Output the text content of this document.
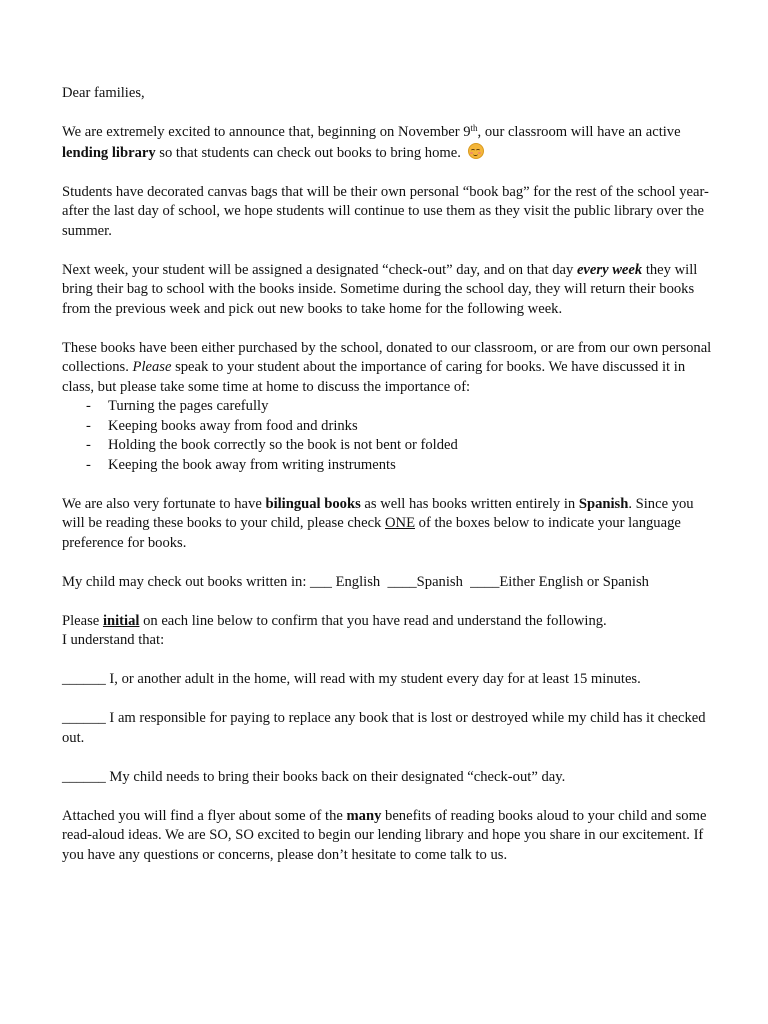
Dear families,

We are extremely excited to announce that, beginning on November 9th, our classroom will have an active lending library so that students can check out books to bring home.

Students have decorated canvas bags that will be their own personal “book bag” for the rest of the school year- after the last day of school, we hope students will continue to use them as they visit the public library over the summer.

Next week, your student will be assigned a designated “check-out” day, and on that day every week they will bring their bag to school with the books inside. Sometime during the school day, they will return their books from the previous week and pick out new books to take home for the following week.

These books have been either purchased by the school, donated to our classroom, or are from our own personal collections. Please speak to your student about the importance of caring for books. We have discussed it in class, but please take some time at home to discuss the importance of:

- Turning the pages carefully
- Keeping books away from food and drinks
- Holding the book correctly so the book is not bent or folded
- Keeping the book away from writing instruments

We are also very fortunate to have bilingual books as well has books written entirely in Spanish. Since you will be reading these books to your child, please check ONE of the boxes below to indicate your language preference for books.

My child may check out books written in: ___ English  ____Spanish  ____Either English or Spanish

Please initial on each line below to confirm that you have read and understand the following.

I understand that:

______ I, or another adult in the home, will read with my student every day for at least 15 minutes.

______ I am responsible for paying to replace any book that is lost or destroyed while my child has it checked out.

______ My child needs to bring their books back on their designated “check-out” day.

Attached you will find a flyer about some of the many benefits of reading books aloud to your child and some read-aloud ideas. We are SO, SO excited to begin our lending library and hope you share in our excitement. If you have any questions or concerns, please don’t hesitate to come talk to us.
